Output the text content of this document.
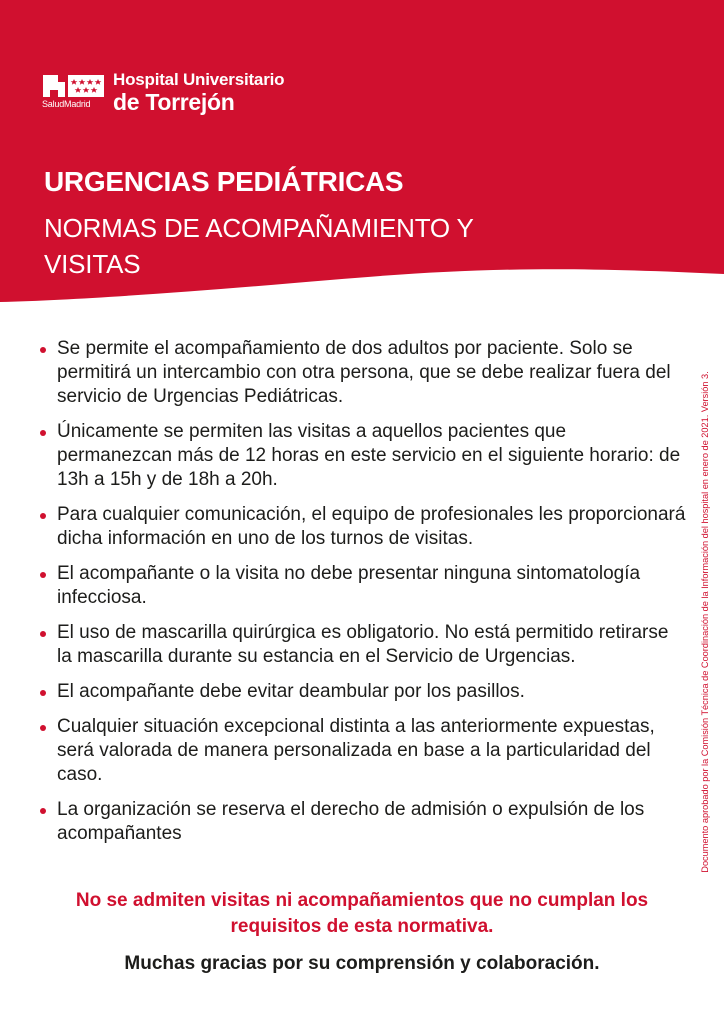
SaludMadrid
Hospital Universitario
de Torrejón
URGENCIAS PEDIÁTRICAS
NORMAS DE ACOMPAÑAMIENTO Y VISITAS
Se permite el acompañamiento de dos adultos por paciente. Solo se permitirá un intercambio con otra persona, que se debe realizar fuera del servicio de Urgencias Pediátricas.
Únicamente se permiten las visitas a aquellos pacientes que permanezcan más de 12 horas en este servicio en el siguiente horario: de 13h a 15h y de 18h a 20h.
Para cualquier comunicación, el equipo de profesionales les proporcionará dicha información en uno de los turnos de visitas.
El acompañante o la visita no debe presentar ninguna sintomatología infecciosa.
El uso de mascarilla quirúrgica es obligatorio. No está permitido retirarse la mascarilla durante su estancia en el Servicio de Urgencias.
El acompañante debe evitar deambular por los pasillos.
Cualquier situación excepcional distinta a las anteriormente expuestas, será valorada de manera personalizada en base a la particularidad del caso.
La organización se reserva el derecho de admisión o expulsión de los acompañantes
No se admiten visitas ni acompañamientos que no cumplan los requisitos de esta normativa.
Muchas gracias por su comprensión y colaboración.
Documento aprobado por la Comisión Técnica de Coordinación de la Información del hospital en enero de 2021. Versión 3.
